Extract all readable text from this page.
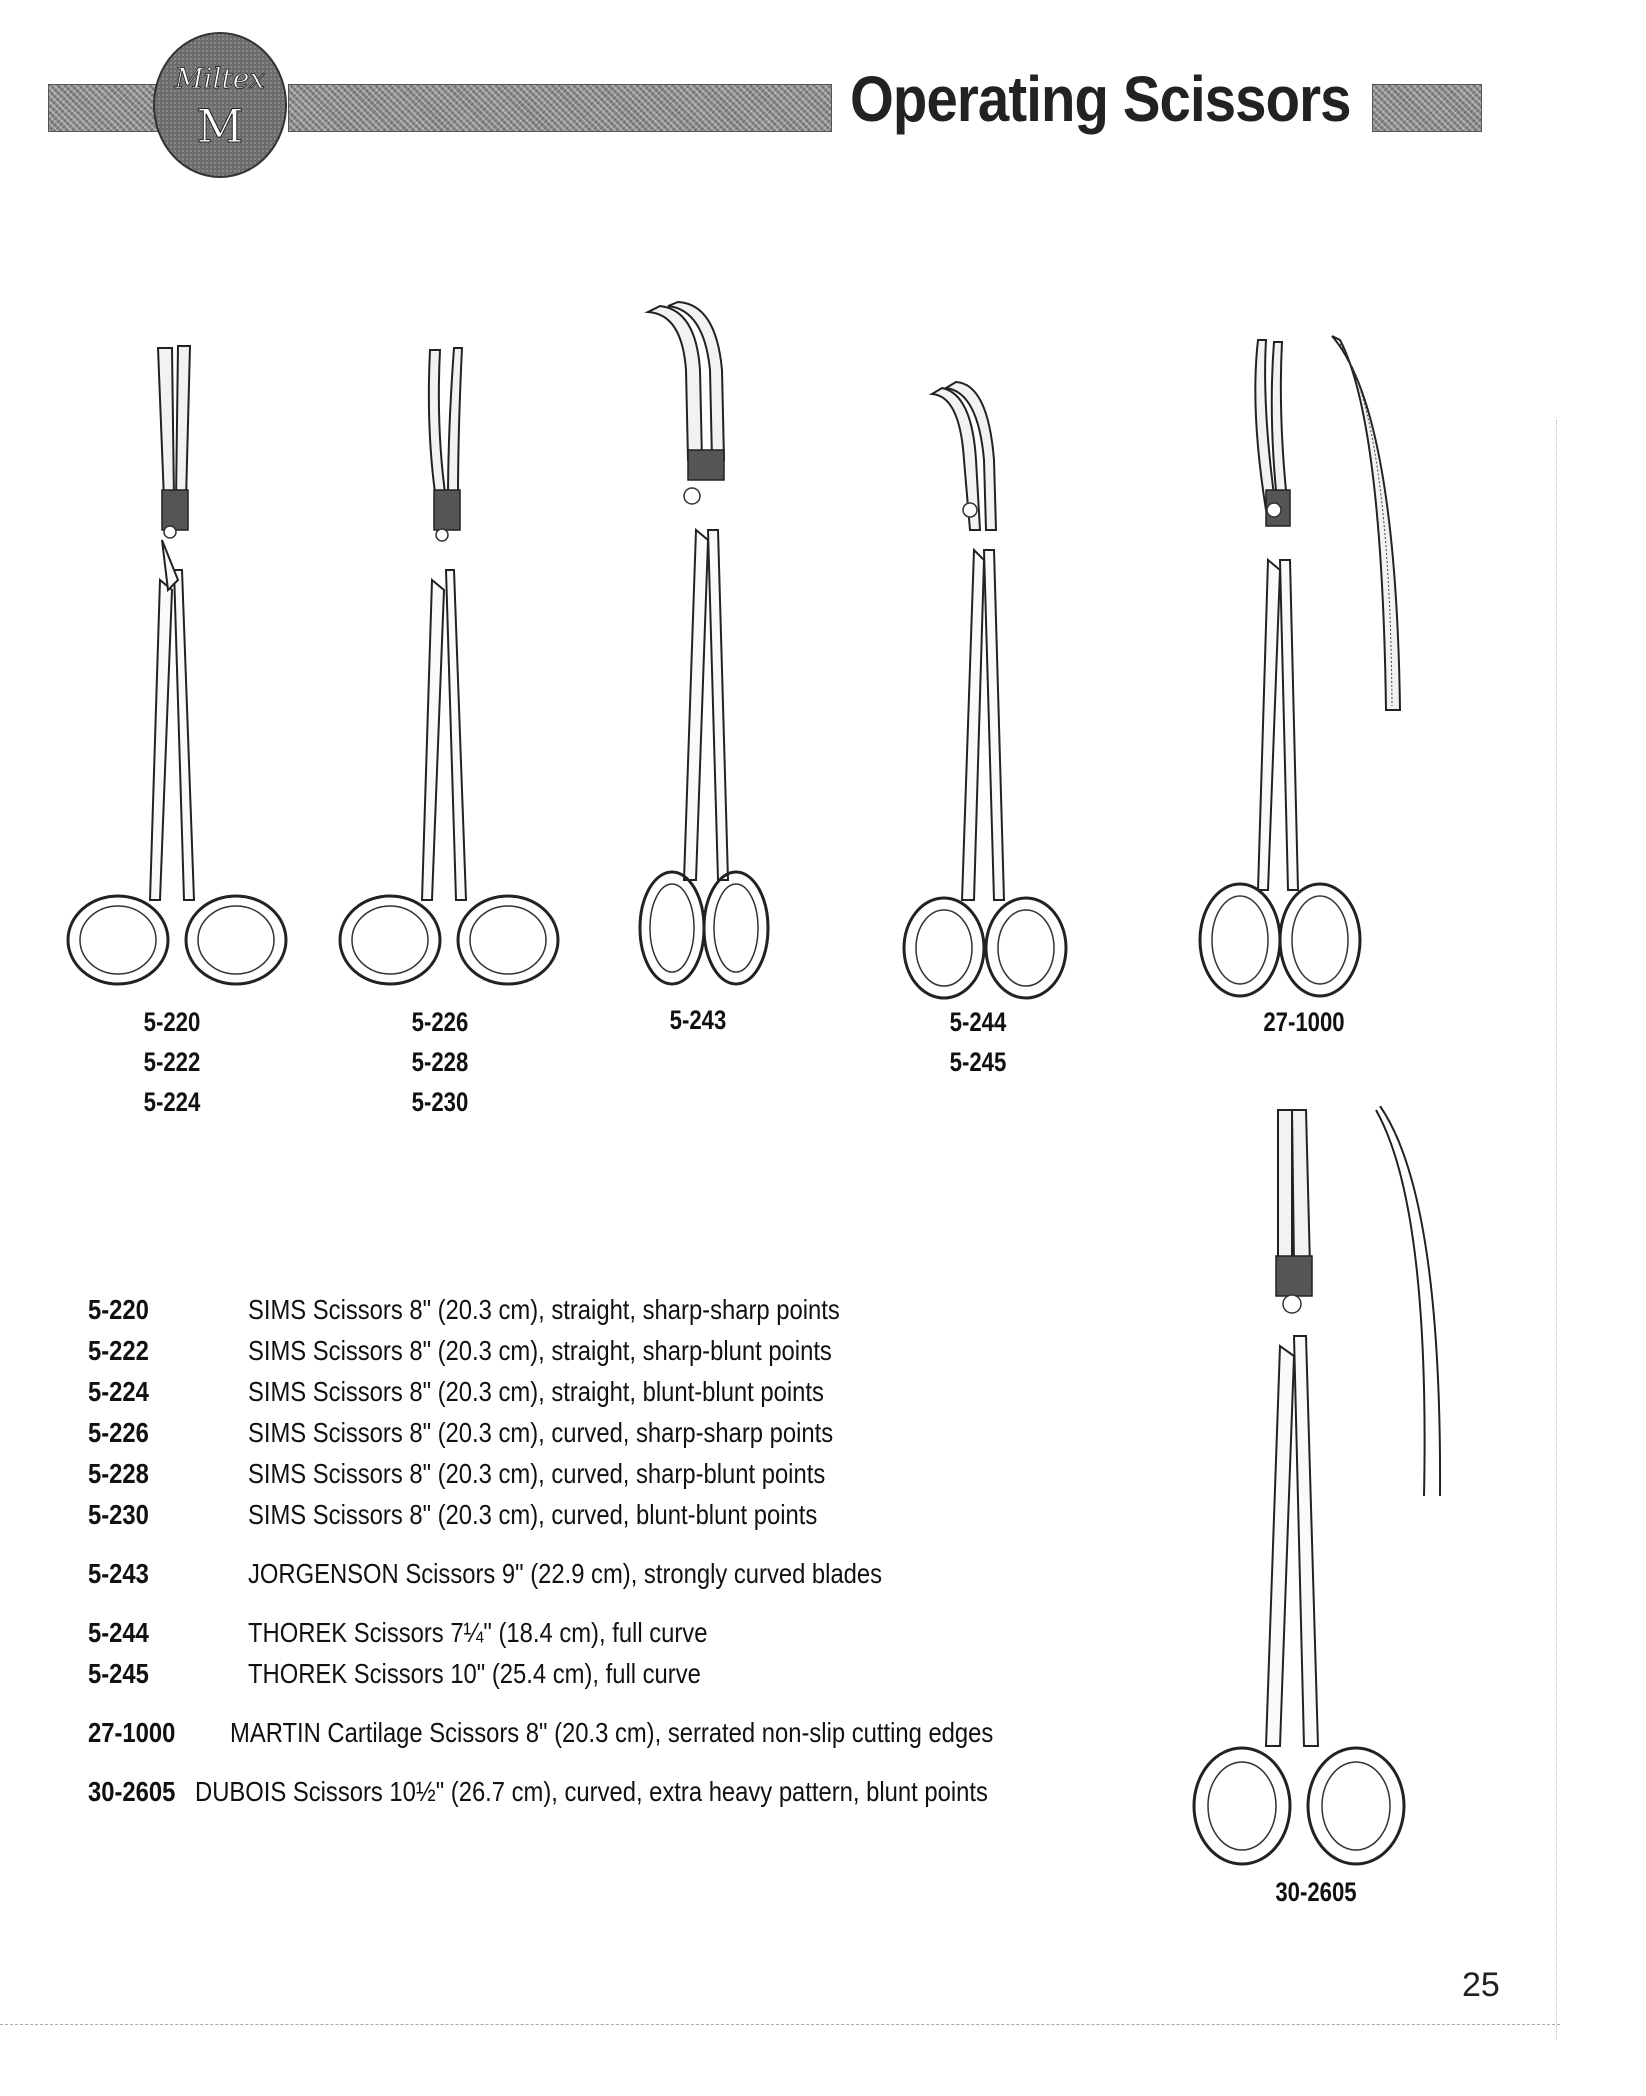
Miltex
M	Operating Scissors
5-220
5-222
5-224
5-226
5-228
5-230
5-243	5-244
5-245
27-1000
30-2605
5-220	SIMS Scissors 8" (20.3 cm), straight, sharp-sharp points
5-222	SIMS Scissors 8" (20.3 cm), straight, sharp-blunt points
5-224	SIMS Scissors 8" (20.3 cm), straight, blunt-blunt points
5-226	SIMS Scissors 8" (20.3 cm), curved, sharp-sharp points
5-228	SIMS Scissors 8" (20.3 cm), curved, sharp-blunt points
5-230	SIMS Scissors 8" (20.3 cm), curved, blunt-blunt points
5-243	JORGENSON Scissors 9" (22.9 cm), strongly curved blades
5-244	THOREK Scissors 7¼" (18.4 cm), full curve
5-245	THOREK Scissors 10" (25.4 cm), full curve
27-1000	MARTIN Cartilage Scissors 8" (20.3 cm), serrated non-slip cutting edges
30-2605 DUBOIS Scissors 10½" (26.7 cm), curved, extra heavy pattern, blunt points
25
